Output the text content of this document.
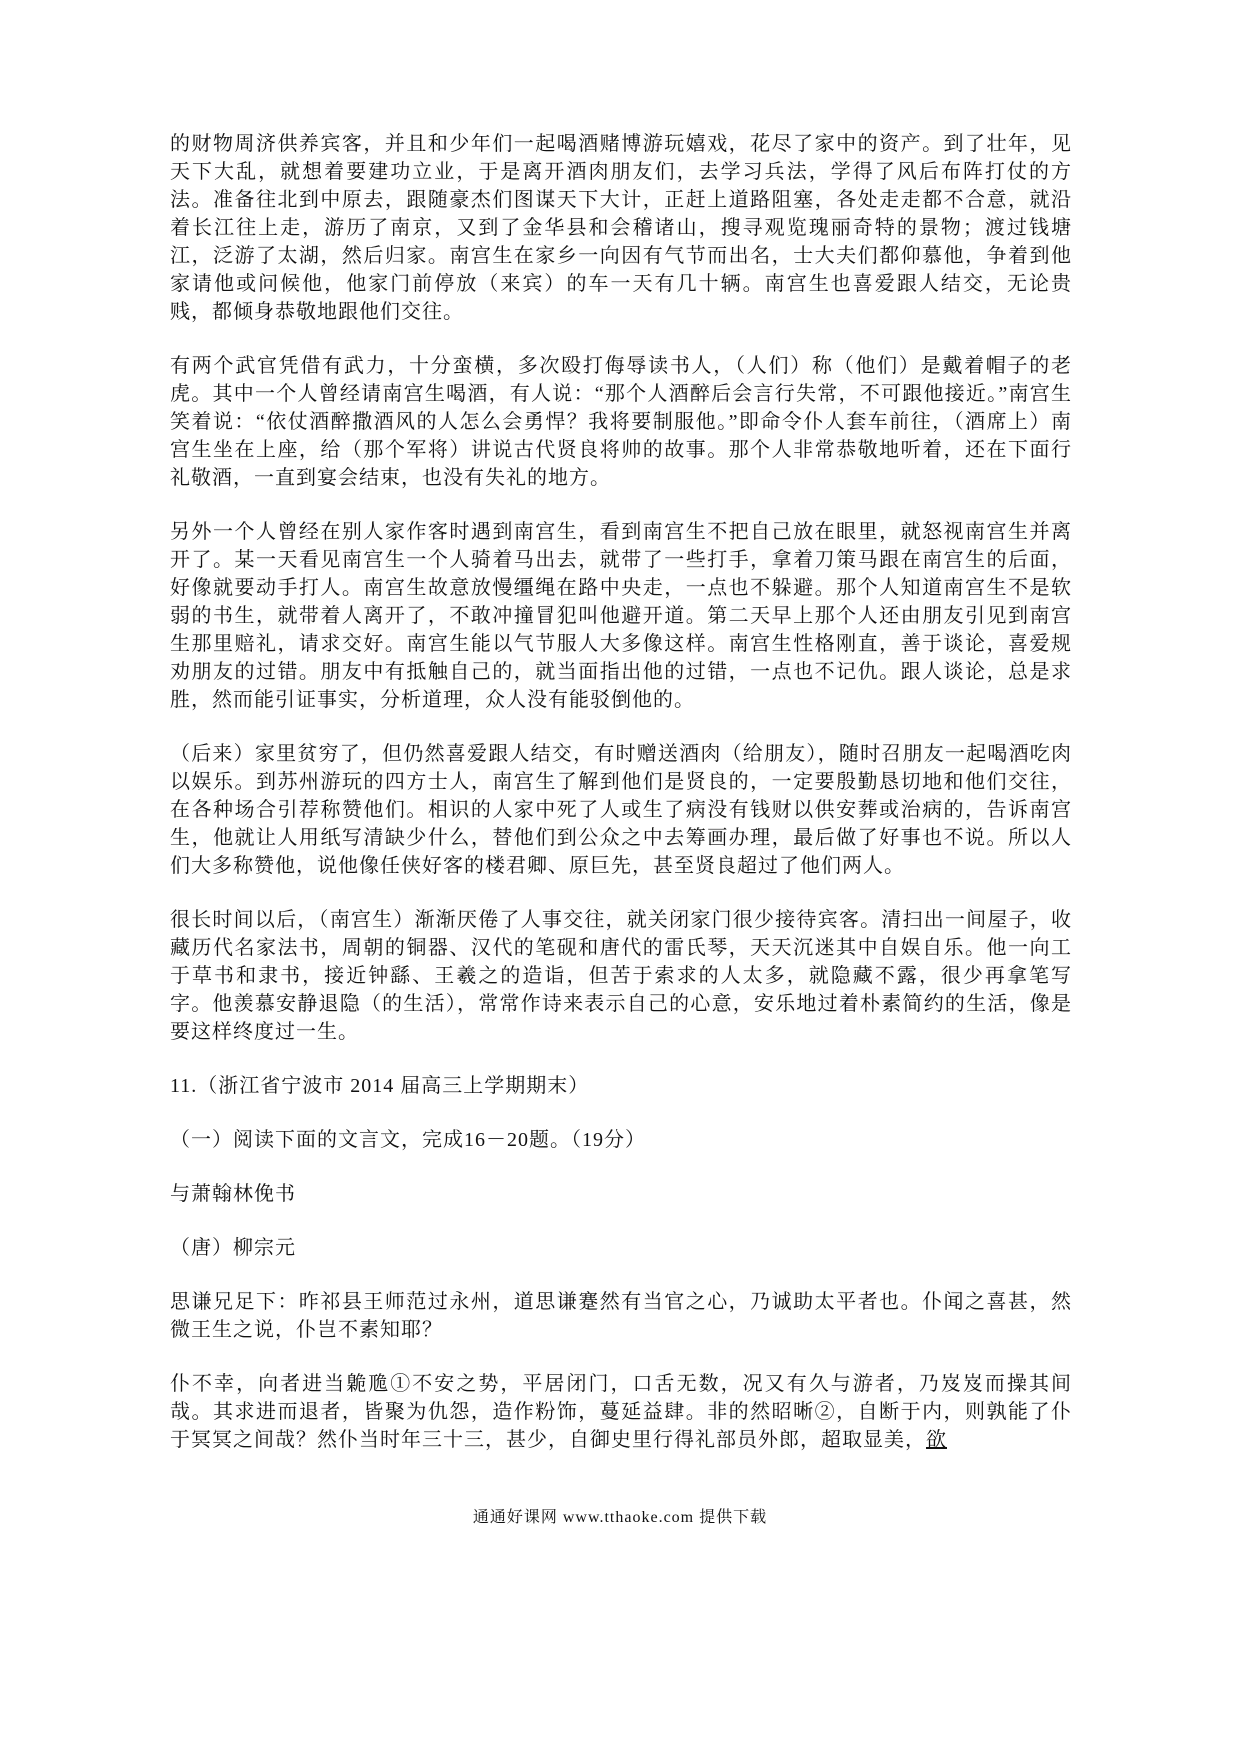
的财物周济供养宾客，并且和少年们一起喝酒赌博游玩嬉戏，花尽了家中的资产。到了壮年，见天下大乱，就想着要建功立业，于是离开酒肉朋友们，去学习兵法，学得了风后布阵打仗的方法。准备往北到中原去，跟随豪杰们图谋天下大计，正赶上道路阻塞，各处走走都不合意，就沿着长江往上走，游历了南京，又到了金华县和会稽诸山，搜寻观览瑰丽奇特的景物；渡过钱塘江，泛游了太湖，然后归家。南宫生在家乡一向因有气节而出名，士大夫们都仰慕他，争着到他家请他或问候他，他家门前停放（来宾）的车一天有几十辆。南宫生也喜爱跟人结交，无论贵贱，都倾身恭敬地跟他们交往。

有两个武官凭借有武力，十分蛮横，多次殴打侮辱读书人，（人们）称（他们）是戴着帽子的老虎。其中一个人曾经请南宫生喝酒，有人说：“那个人酒醉后会言行失常，不可跟他接近。”南宫生笑着说：“依仗酒醉撒酒风的人怎么会勇悍？我将要制服他。”即命令仆人套车前往，（酒席上）南宫生坐在上座，给（那个军将）讲说古代贤良将帅的故事。那个人非常恭敬地听着，还在下面行礼敬酒，一直到宴会结束，也没有失礼的地方。

另外一个人曾经在别人家作客时遇到南宫生，看到南宫生不把自己放在眼里，就怒视南宫生并离开了。某一天看见南宫生一个人骑着马出去，就带了一些打手，拿着刀策马跟在南宫生的后面，好像就要动手打人。南宫生故意放慢缰绳在路中央走，一点也不躲避。那个人知道南宫生不是软弱的书生，就带着人离开了，不敢冲撞冒犯叫他避开道。第二天早上那个人还由朋友引见到南宫生那里赔礼，请求交好。南宫生能以气节服人大多像这样。南宫生性格刚直，善于谈论，喜爱规劝朋友的过错。朋友中有抵触自己的，就当面指出他的过错，一点也不记仇。跟人谈论，总是求胜，然而能引证事实，分析道理，众人没有能驳倒他的。

（后来）家里贫穷了，但仍然喜爱跟人结交，有时赠送酒肉（给朋友），随时召朋友一起喝酒吃肉以娱乐。到苏州游玩的四方士人，南宫生了解到他们是贤良的，一定要殷勤恳切地和他们交往，在各种场合引荐称赞他们。相识的人家中死了人或生了病没有钱财以供安葬或治病的，告诉南宫生，他就让人用纸写清缺少什么，替他们到公众之中去筹画办理，最后做了好事也不说。所以人们大多称赞他，说他像任侠好客的楼君卿、原巨先，甚至贤良超过了他们两人。

很长时间以后，（南宫生）渐渐厌倦了人事交往，就关闭家门很少接待宾客。清扫出一间屋子，收藏历代名家法书，周朝的铜器、汉代的笔砚和唐代的雷氏琴，天天沉迷其中自娱自乐。他一向工于草书和隶书，接近钟繇、王羲之的造诣，但苦于索求的人太多，就隐藏不露，很少再拿笔写字。他羡慕安静退隐（的生活），常常作诗来表示自己的心意，安乐地过着朴素简约的生活，像是要这样终度过一生。

11.（浙江省宁波市 2014 届高三上学期期末）

（一）阅读下面的文言文，完成16－20题。（19分）

与萧翰林俛书

（唐）柳宗元

思谦兄足下：昨祁县王师范过永州，道思谦蹇然有当官之心，乃诚助太平者也。仆闻之喜甚，然微王生之说，仆岂不素知耶？

仆不幸，向者进当臲卼①不安之势，平居闭门，口舌无数，况又有久与游者，乃岌岌而操其间哉。其求进而退者，皆聚为仇怨，造作粉饰，蔓延益肆。非的然昭晰②，自断于内，则孰能了仆于冥冥之间哉？然仆当时年三十三，甚少，自御史里行得礼部员外郎，超取显美，欲

通通好课网 www.tthaoke.com 提供下载
